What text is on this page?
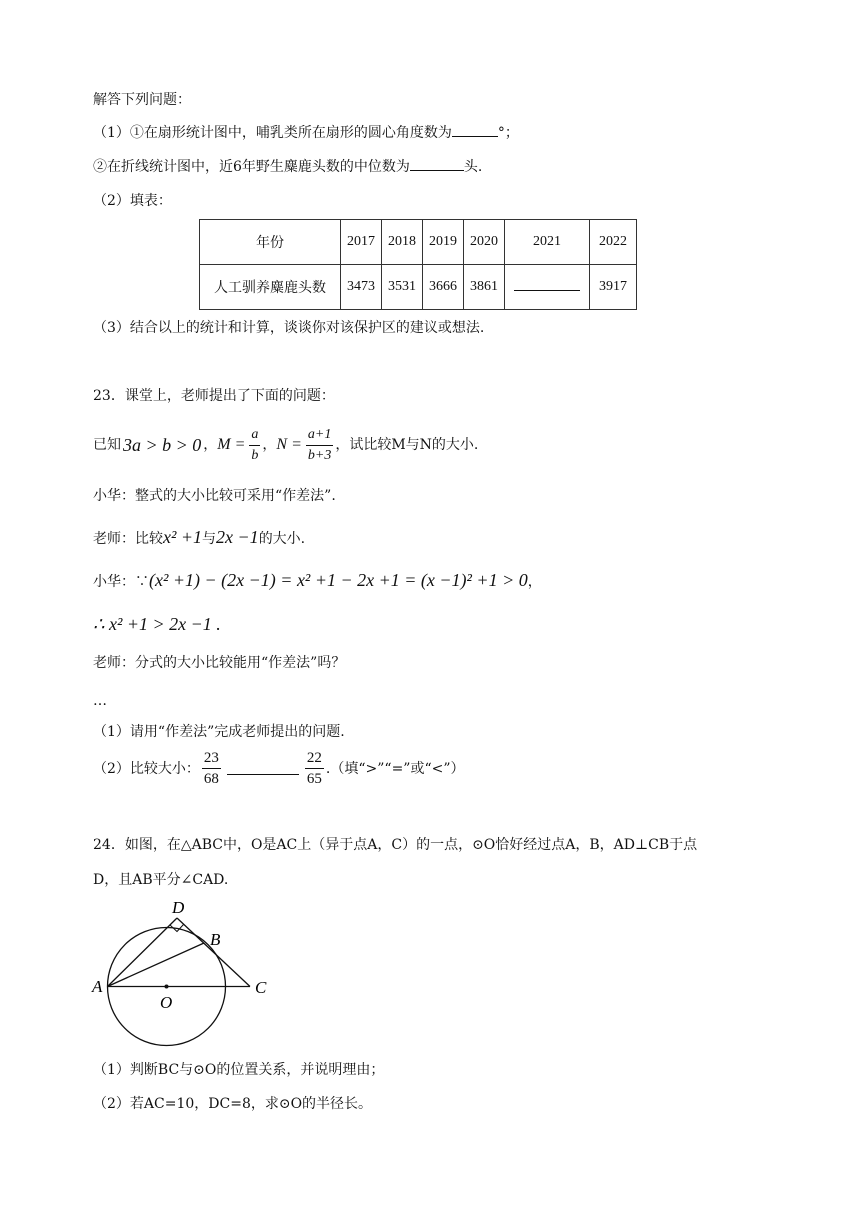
解答下列问题：
（1）①在扇形统计图中，哺乳类所在扇形的圆心角度数为	°；
②在折线统计图中，近6年野生麋鹿头数的中位数为	头.
（2）填表：
年份	2017	2018	2019	2020	2021	2022
人工驯养麋鹿头数	3473	3531	3666	3861		3917
（3）结合以上的统计和计算，谈谈你对该保护区的建议或想法.
23．课堂上，老师提出了下面的问题：
已知 3a > b > 0 ， $M = \frac{a}{b}$ ， $N = \frac{a+1}{b+3}$ ，试比较M与N的大小.
小华：整式的大小比较可采用“作差法”.
老师：比较x² +1与2x −1的大小.
小华：∵(x² +1) − (2x −1) = x² +1 − 2x +1 = (x −1)² +1 > 0，
∴ x² +1 > 2x −1 .
老师：分式的大小比较能用“作差法”吗？
…
（1）请用“作差法”完成老师提出的问题.
（2）比较大小： $\frac{23}{68}$	$\frac{22}{65}$ .（填“>”“=”或“<”）
24．如图，在△ABC中，O是AC上（异于点A，C）的一点，⊙O恰好经过点A，B，AD⊥CB于点
D，且AB平分∠CAD.
D
B
A	C
O
（1）判断BC与⊙O的位置关系，并说明理由；
（2）若AC=10，DC=8，求⊙O的半径长。
